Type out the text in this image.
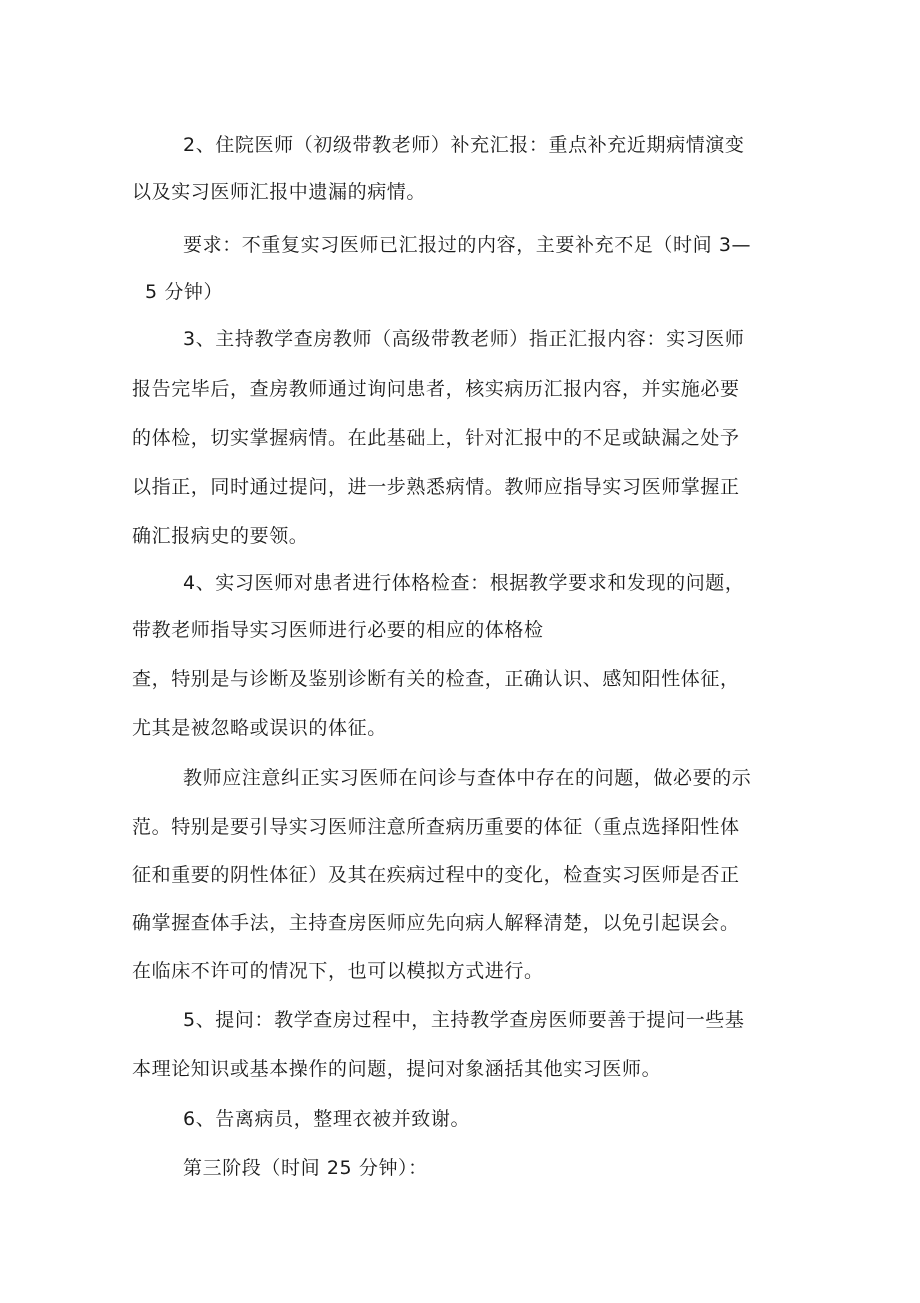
2、住院医师（初级带教老师）补充汇报：重点补充近期病情演变
以及实习医师汇报中遗漏的病情。
要求：不重复实习医师已汇报过的内容，主要补充不足（时间 3—
5 分钟）
3、主持教学查房教师（高级带教老师）指正汇报内容：实习医师
报告完毕后，查房教师通过询问患者，核实病历汇报内容，并实施必要
的体检，切实掌握病情。在此基础上，针对汇报中的不足或缺漏之处予
以指正，同时通过提问，进一步熟悉病情。教师应指导实习医师掌握正
确汇报病史的要领。
4、实习医师对患者进行体格检查：根据教学要求和发现的问题，
带教老师指导实习医师进行必要的相应的体格检
查，特别是与诊断及鉴别诊断有关的检查，正确认识、感知阳性体征，
尤其是被忽略或误识的体征。
教师应注意纠正实习医师在问诊与查体中存在的问题，做必要的示
范。特别是要引导实习医师注意所查病历重要的体征（重点选择阳性体
征和重要的阴性体征）及其在疾病过程中的变化，检查实习医师是否正
确掌握查体手法，主持查房医师应先向病人解释清楚，以免引起误会。
在临床不许可的情况下，也可以模拟方式进行。
5、提问：教学查房过程中，主持教学查房医师要善于提问一些基
本理论知识或基本操作的问题，提问对象涵括其他实习医师。
6、告离病员，整理衣被并致谢。
第三阶段（时间 25 分钟）：
